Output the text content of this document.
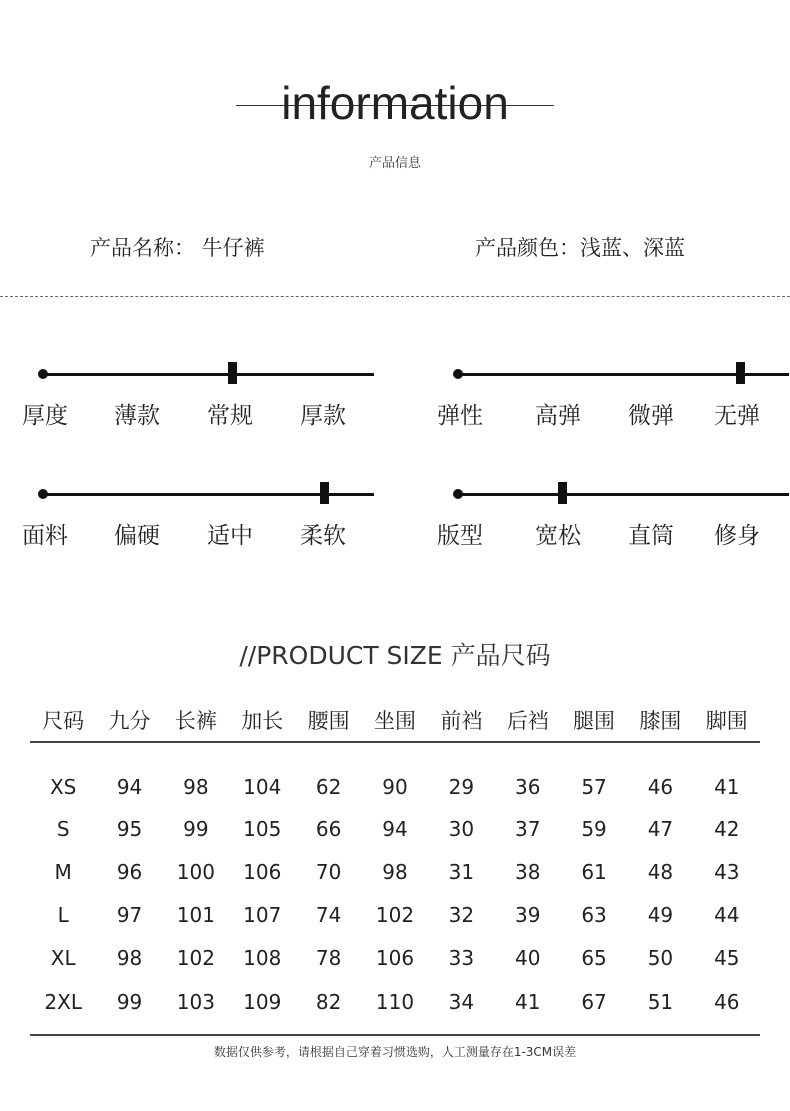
information
产品信息
产品名称： 牛仔裤	产品颜色：浅蓝、深蓝
厚度 薄款 常规 厚款	弹性 高弹 微弹 无弹
面料 偏硬 适中 柔软	版型 宽松 直筒 修身
//PRODUCT SIZE 产品尺码
尺码	九分	长裤	加长	腰围	坐围	前裆	后裆	腿围	膝围	脚围
XS	94	98	104	62	90	29	36	57	46	41
S	95	99	105	66	94	30	37	59	47	42
M	96	100	106	70	98	31	38	61	48	43
L	97	101	107	74	102	32	39	63	49	44
XL	98	102	108	78	106	33	40	65	50	45
2XL	99	103	109	82	110	34	41	67	51	46
数据仅供参考，请根据自己穿着习惯选购，人工测量存在1-3CM误差
